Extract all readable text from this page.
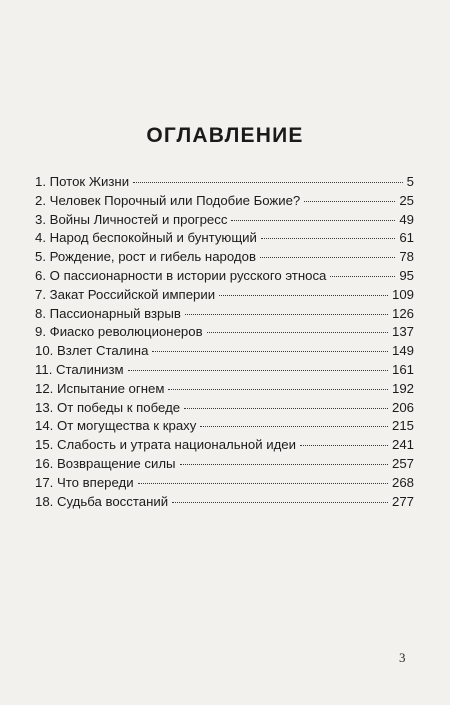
ОГЛАВЛЕНИЕ
1. Поток Жизни	5
2. Человек Порочный или Подобие Божие?	25
3. Войны Личностей и прогресс	49
4. Народ беспокойный и бунтующий	61
5. Рождение, рост и гибель народов	78
6. О пассионарности в истории русского этноса	95
7. Закат Российской империи	109
8. Пассионарный взрыв	126
9. Фиаско революционеров	137
10. Взлет Сталина	149
11. Сталинизм	161
12. Испытание огнем	192
13. От победы к победе	206
14. От могущества к краху	215
15. Слабость и утрата национальной идеи	241
16. Возвращение силы	257
17. Что впереди	268
18. Судьба восстаний	277
3
